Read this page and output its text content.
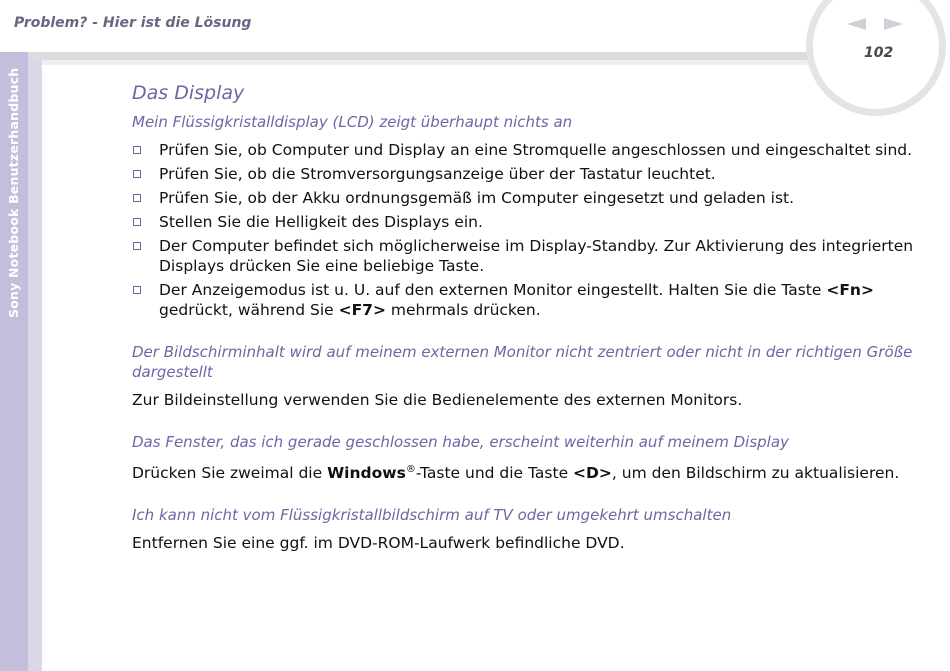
Sony Notebook Benutzerhandbuch
Problem? - Hier ist die Lösung
102
Das Display
Mein Flüssigkristalldisplay (LCD) zeigt überhaupt nichts an
Prüfen Sie, ob Computer und Display an eine Stromquelle angeschlossen und eingeschaltet sind.
Prüfen Sie, ob die Stromversorgungsanzeige über der Tastatur leuchtet.
Prüfen Sie, ob der Akku ordnungsgemäß im Computer eingesetzt und geladen ist.
Stellen Sie die Helligkeit des Displays ein.
Der Computer befindet sich möglicherweise im Display-Standby. Zur Aktivierung des integrierten Displays drücken Sie eine beliebige Taste.
Der Anzeigemodus ist u. U. auf den externen Monitor eingestellt. Halten Sie die Taste <Fn> gedrückt, während Sie <F7> mehrmals drücken.
Der Bildschirminhalt wird auf meinem externen Monitor nicht zentriert oder nicht in der richtigen Größe dargestellt

Zur Bildeinstellung verwenden Sie die Bedienelemente des externen Monitors.

Das Fenster, das ich gerade geschlossen habe, erscheint weiterhin auf meinem Display

Drücken Sie zweimal die Windows®-Taste und die Taste <D>, um den Bildschirm zu aktualisieren.

Ich kann nicht vom Flüssigkristallbildschirm auf TV oder umgekehrt umschalten

Entfernen Sie eine ggf. im DVD-ROM-Laufwerk befindliche DVD.
